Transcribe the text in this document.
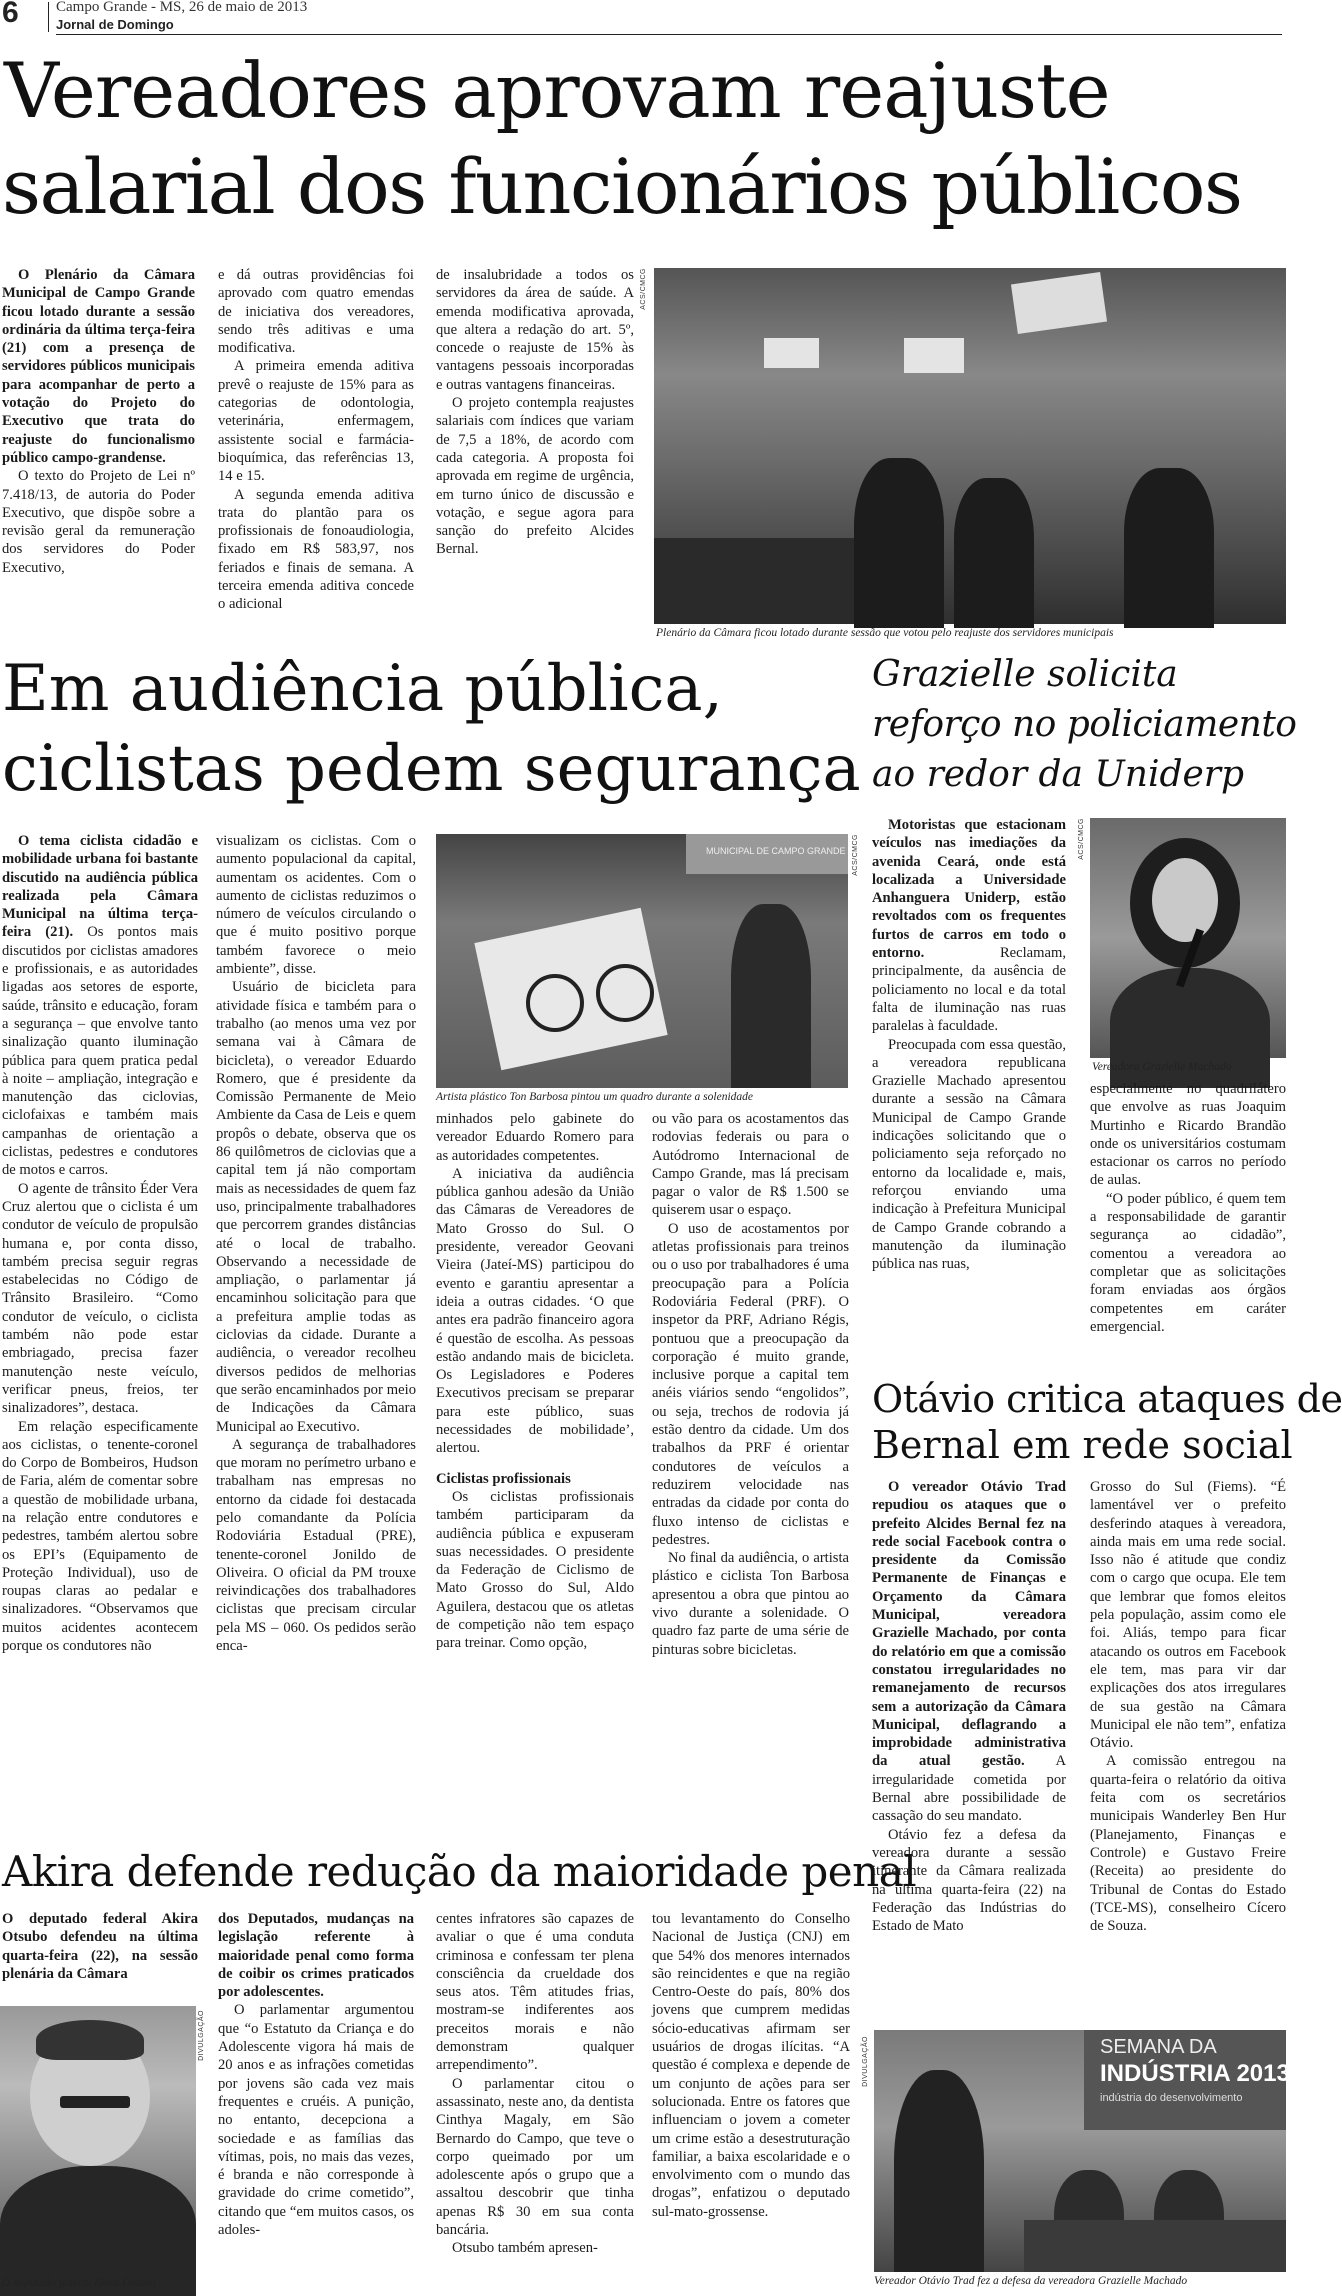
6 Campo Grande - MS, 26 de maio de 2013
Jornal de Domingo
Vereadores aprovam reajuste
salarial dos funcionários públicos

O Plenário da Câmara Municipal de Campo Grande ficou lotado durante a sessão ordinária da última terça-feira (21) com a presença de servidores públicos municipais para acompanhar de perto a votação do Projeto do Executivo que trata do reajuste do funcionalismo público campo-grandense.

O texto do Projeto de Lei nº 7.418/13, de autoria do Poder Executivo, que dispõe sobre a revisão geral da remuneração dos servidores do Poder Executivo,

e dá outras providências foi aprovado com quatro emendas de iniciativa dos vereadores, sendo três aditivas e uma modificativa.

A primeira emenda aditiva prevê o reajuste de 15% para as categorias de odontologia, veterinária, enfermagem, assistente social e farmácia-bioquímica, das referências 13, 14 e 15.

A segunda emenda aditiva trata do plantão para os profissionais de fonoaudiologia, fixado em R$ 583,97, nos feriados e finais de semana. A terceira emenda aditiva concede o adicional

de insalubridade a todos os servidores da área de saúde. A emenda modificativa aprovada, que altera a redação do art. 5º, concede o reajuste de 15% às vantagens pessoais incorporadas e outras vantagens financeiras.

O projeto contempla reajustes salariais com índices que variam de 7,5 a 18%, de acordo com cada categoria. A proposta foi aprovada em regime de urgência, em turno único de discussão e votação, e segue agora para sanção do prefeito Alcides Bernal.

ACS/CMCG
Plenário da Câmara ficou lotado durante sessão que votou pelo reajuste dos servidores municipais
Em audiência pública,
ciclistas pedem segurança

O tema ciclista cidadão e mobilidade urbana foi bastante discutido na audiência pública realizada pela Câmara Municipal na última terça-feira (21). Os pontos mais discutidos por ciclistas amadores e profissionais, e as autoridades ligadas aos setores de esporte, saúde, trânsito e educação, foram a segurança – que envolve tanto sinalização quanto iluminação pública para quem pratica pedal à noite – ampliação, integração e manutenção das ciclovias, ciclofaixas e também mais campanhas de orientação a ciclistas, pedestres e condutores de motos e carros.

O agente de trânsito Éder Vera Cruz alertou que o ciclista é um condutor de veículo de propulsão humana e, por conta disso, também precisa seguir regras estabelecidas no Código de Trânsito Brasileiro. “Como condutor de veículo, o ciclista também não pode estar embriagado, precisa fazer manutenção neste veículo, verificar pneus, freios, ter sinalizadores”, destaca.

Em relação especificamente aos ciclistas, o tenente-coronel do Corpo de Bombeiros, Hudson de Faria, além de comentar sobre a questão de mobilidade urbana, na relação entre condutores e pedestres, também alertou sobre os EPI’s (Equipamento de Proteção Individual), uso de roupas claras ao pedalar e sinalizadores. “Observamos que muitos acidentes acontecem porque os condutores não

visualizam os ciclistas. Com o aumento populacional da capital, aumentam os acidentes. Com o aumento de ciclistas reduzimos o número de veículos circulando o que é muito positivo porque também favorece o meio ambiente”, disse.

Usuário de bicicleta para atividade física e também para o trabalho (ao menos uma vez por semana vai à Câmara de bicicleta), o vereador Eduardo Romero, que é presidente da Comissão Permanente de Meio Ambiente da Casa de Leis e quem propôs o debate, observa que os 86 quilômetros de ciclovias que a capital tem já não comportam mais as necessidades de quem faz uso, principalmente trabalhadores que percorrem grandes distâncias até o local de trabalho. Observando a necessidade de ampliação, o parlamentar já encaminhou solicitação para que a prefeitura amplie todas as ciclovias da cidade. Durante a audiência, o vereador recolheu diversos pedidos de melhorias que serão encaminhados por meio de Indicações da Câmara Municipal ao Executivo.

A segurança de trabalhadores que moram no perímetro urbano e trabalham nas empresas no entorno da cidade foi destacada pelo comandante da Polícia Rodoviária Estadual (PRE), tenente-coronel Jonildo de Oliveira. O oficial da PM trouxe reivindicações dos trabalhadores ciclistas que precisam circular pela MS – 060. Os pedidos serão enca-

MUNICIPAL DE CAMPO GRANDE ACS/CMCG
Artista plástico Ton Barbosa pintou um quadro durante a solenidade

minhados pelo gabinete do vereador Eduardo Romero para as autoridades competentes.

A iniciativa da audiência pública ganhou adesão da União das Câmaras de Vereadores de Mato Grosso do Sul. O presidente, vereador Geovani Vieira (Jateí-MS) participou do evento e garantiu apresentar a ideia a outras cidades. ‘O que antes era padrão financeiro agora é questão de escolha. As pessoas estão andando mais de bicicleta. Os Legisladores e Poderes Executivos precisam se preparar para este público, suas necessidades de mobilidade’, alertou.

Ciclistas profissionais

Os ciclistas profissionais também participaram da audiência pública e expuseram suas necessidades. O presidente da Federação de Ciclismo de Mato Grosso do Sul, Aldo Aguilera, destacou que os atletas de competição não tem espaço para treinar. Como opção,

ou vão para os acostamentos das rodovias federais ou para o Autódromo Internacional de Campo Grande, mas lá precisam pagar o valor de R$ 1.500 se quiserem usar o espaço.

O uso de acostamentos por atletas profissionais para treinos ou o uso por trabalhadores é uma preocupação para a Polícia Rodoviária Federal (PRF). O inspetor da PRF, Adriano Régis, pontuou que a preocupação da corporação é muito grande, inclusive porque a capital tem anéis viários sendo “engolidos”, ou seja, trechos de rodovia já estão dentro da cidade. Um dos trabalhos da PRF é orientar condutores de veículos a reduzirem velocidade nas entradas da cidade por conta do fluxo intenso de ciclistas e pedestres.

No final da audiência, o artista plástico e ciclista Ton Barbosa apresentou a obra que pintou ao vivo durante a solenidade. O quadro faz parte de uma série de pinturas sobre bicicletas.

Grazielle solicita
reforço no policiamento
ao redor da Uniderp

Motoristas que estacionam veículos nas imediações da avenida Ceará, onde está localizada a Universidade Anhanguera Uniderp, estão revoltados com os frequentes furtos de carros em todo o entorno.	Reclamam, principalmente, da ausência de policiamento no local e da total falta de iluminação nas ruas paralelas à faculdade.

Preocupada com essa questão, a vereadora republicana Grazielle Machado apresentou durante a sessão na Câmara Municipal de Campo Grande indicações solicitando que o policiamento seja reforçado no entorno da localidade e, mais, reforçou enviando uma indicação à Prefeitura Municipal de Campo Grande cobrando a manutenção da iluminação pública nas ruas,

ACS/CMCG
Vereadora Grazielle Machado

especialmente no quadrilátero que envolve as ruas Joaquim Murtinho e Ricardo Brandão onde os universitários costumam estacionar os carros no período de aulas.

“O poder público, é quem tem a responsabilidade de garantir segurança ao cidadão”, comentou a vereadora ao completar que as solicitações foram enviadas aos órgãos competentes em caráter emergencial.

Otávio critica ataques de
Bernal em rede social

O vereador Otávio Trad repudiou os ataques que o prefeito Alcides Bernal fez na rede social Facebook contra o presidente da Comissão Permanente de Finanças e Orçamento da Câmara Municipal, vereadora Grazielle Machado, por conta do relatório em que a comissão constatou irregularidades no remanejamento de recursos sem a autorização da Câmara Municipal, deflagrando a improbidade administrativa da atual gestão. A irregularidade cometida por Bernal abre possibilidade de cassação do seu mandato.

Otávio fez a defesa da vereadora durante a sessão itinerante da Câmara realizada na última quarta-feira (22) na Federação das Indústrias do Estado de Mato

Grosso do Sul (Fiems). “É lamentável ver o prefeito desferindo ataques à vereadora, ainda mais em uma rede social. Isso não é atitude que condiz com o cargo que ocupa. Ele tem que lembrar que fomos eleitos pela população, assim como ele foi. Aliás, tempo para ficar atacando os outros em Facebook ele tem, mas para vir dar explicações dos atos irregulares de sua gestão na Câmara Municipal ele não tem”, enfatiza Otávio.

A comissão entregou na quarta-feira o relatório da oitiva feita com os secretários municipais Wanderley Ben Hur (Planejamento, Finanças e Controle) e Gustavo Freire (Receita) ao presidente do Tribunal de Contas do Estado (TCE-MS), conselheiro Cícero de Souza.

DIVULGAÇÃO	SEMANA DA
INDÚSTRIA 2013
indústria do desenvolvimento
Vereador Otávio Trad fez a defesa da vereadora Grazielle Machado
Akira defende redução da maioridade penal

O deputado federal Akira Otsubo defendeu na última quarta-feira (22), na sessão plenária da Câmara

DIVULGAÇÃO
O deputado federal Akira Otsubo

dos Deputados, mudanças na legislação referente à maioridade penal como forma de coibir os crimes praticados por adolescentes.

O parlamentar argumentou que “o Estatuto da Criança e do Adolescente vigora há mais de 20 anos e as infrações cometidas por jovens são cada vez mais frequentes e cruéis. A punição, no entanto, decepciona a sociedade e as famílias das vítimas, pois, no mais das vezes, é branda e não corresponde à gravidade do crime cometido”, citando que “em muitos casos, os adoles-

centes infratores são capazes de avaliar o que é uma conduta criminosa e confessam ter plena consciência da crueldade dos seus atos. Têm atitudes frias, mostram-se indiferentes aos preceitos morais e não demonstram qualquer arrependimento”.

O parlamentar citou o assassinato, neste ano, da dentista Cinthya Magaly, em São Bernardo do Campo, que teve o corpo queimado por um adolescente após o grupo que a assaltou descobrir que tinha apenas R$ 30 em sua conta bancária.

Otsubo também apresen-

tou levantamento do Conselho Nacional de Justiça (CNJ) em que 54% dos menores internados são reincidentes e que na região Centro-Oeste do país, 80% dos jovens que cumprem medidas sócio-educativas afirmam ser usuários de drogas ilícitas. “A questão é complexa e depende de um conjunto de ações para ser solucionada. Entre os fatores que influenciam o jovem a cometer um crime estão a desestruturação familiar, a baixa escolaridade e o envolvimento com o mundo das drogas”, enfatizou o deputado sul-mato-grossense.
